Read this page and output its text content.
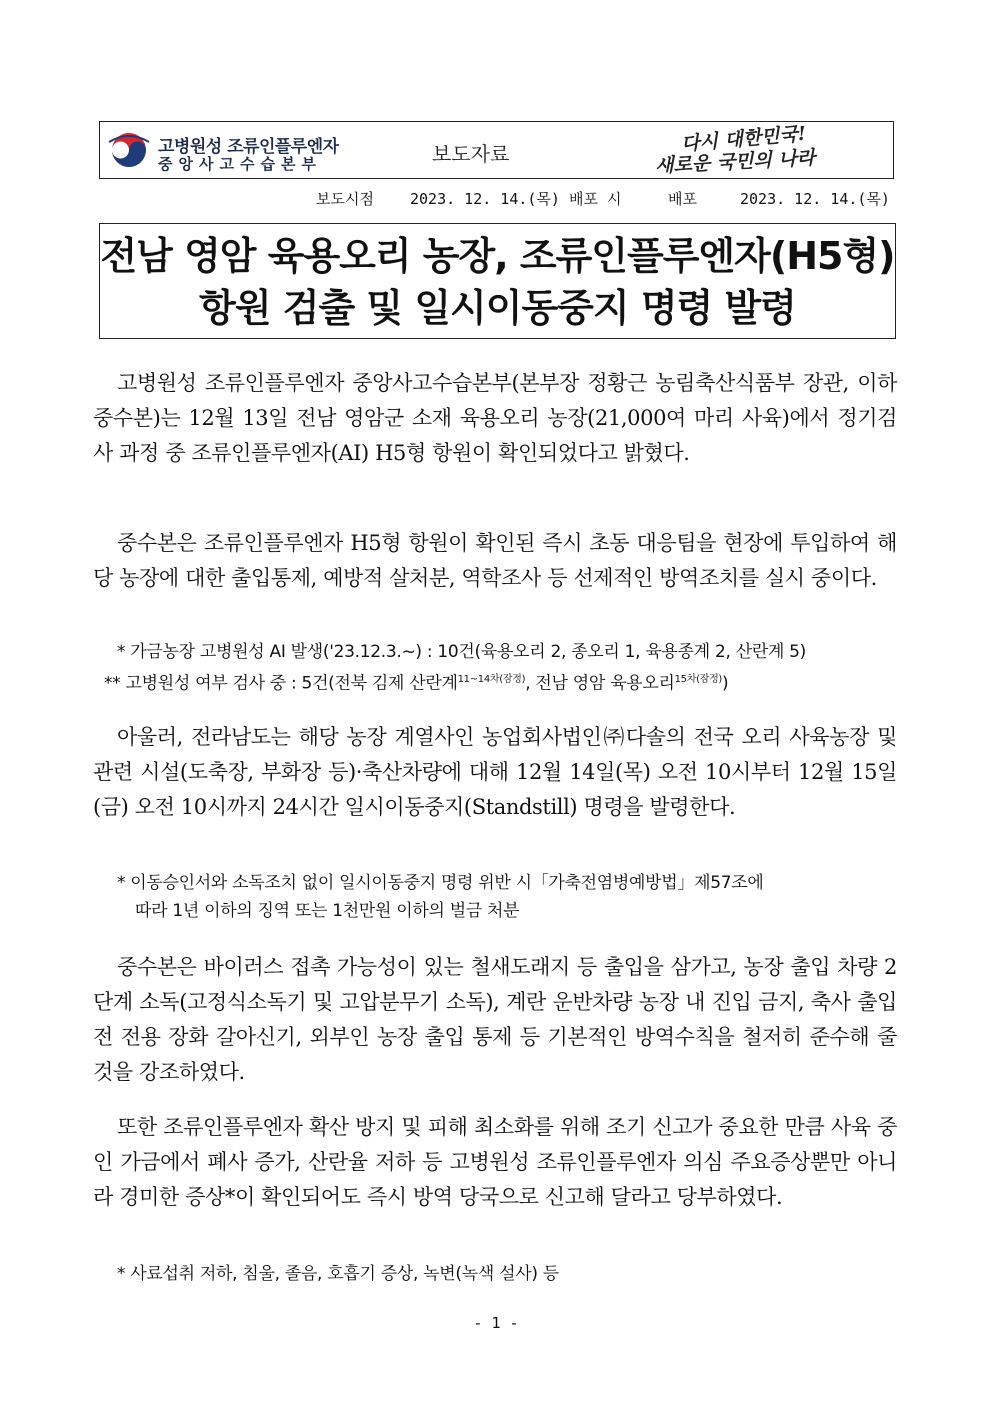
고병원성 조류인플루엔자
중앙사고수습본부	보도자료	다시 대한민국!
새로운 국민의 나라
보도시점 2023. 12. 14.(목) 배포 시	배포	2023. 12. 14.(목)
전남 영암 육용오리 농장, 조류인플루엔자(H5형)
항원 검출 및 일시이동중지 명령 발령
고병원성 조류인플루엔자 중앙사고수습본부(본부장 정황근 농림축산식품부 장관, 이하 중수본)는 12월 13일 전남 영암군 소재 육용오리 농장(21,000여 마리 사육)에서 정기검사 과정 중 조류인플루엔자(AI) H5형 항원이 확인되었다고 밝혔다.
중수본은 조류인플루엔자 H5형 항원이 확인된 즉시 초동 대응팀을 현장에 투입하여 해당 농장에 대한 출입통제, 예방적 살처분, 역학조사 등 선제적인 방역조치를 실시 중이다.
* 가금농장 고병원성 AI 발생('23.12.3.~) : 10건(육용오리 2, 종오리 1, 육용종계 2, 산란계 5)
** 고병원성 여부 검사 중 : 5건(전북 김제 산란계$^{11\sim 14차(잠정)}$, 전남 영암 육용오리$^{15차(잠정)}$)
아울러, 전라남도는 해당 농장 계열사인 농업회사법인㈜다솔의 전국 오리 사육농장 및 관련 시설(도축장, 부화장 등)·축산차량에 대해 12월 14일(목) 오전 10시부터 12월 15일(금) 오전 10시까지 24시간 일시이동중지(Standstill) 명령을 발령한다.
* 이동승인서와 소독조치 없이 일시이동중지 명령 위반 시「가축전염병예방법」제57조에
따라 1년 이하의 징역 또는 1천만원 이하의 벌금 처분
중수본은 바이러스 접촉 가능성이 있는 철새도래지 등 출입을 삼가고, 농장 출입 차량 2단계 소독(고정식소독기 및 고압분무기 소독), 계란 운반차량 농장 내 진입 금지, 축사 출입 전 전용 장화 갈아신기, 외부인 농장 출입 통제 등 기본적인 방역수칙을 철저히 준수해 줄 것을 강조하였다.
또한 조류인플루엔자 확산 방지 및 피해 최소화를 위해 조기 신고가 중요한 만큼 사육 중인 가금에서 폐사 증가, 산란율 저하 등 고병원성 조류인플루엔자 의심 주요증상뿐만 아니라 경미한 증상*이 확인되어도 즉시 방역 당국으로 신고해 달라고 당부하였다.
* 사료섭취 저하, 침울, 졸음, 호흡기 증상, 녹변(녹색 설사) 등
- 1 -
